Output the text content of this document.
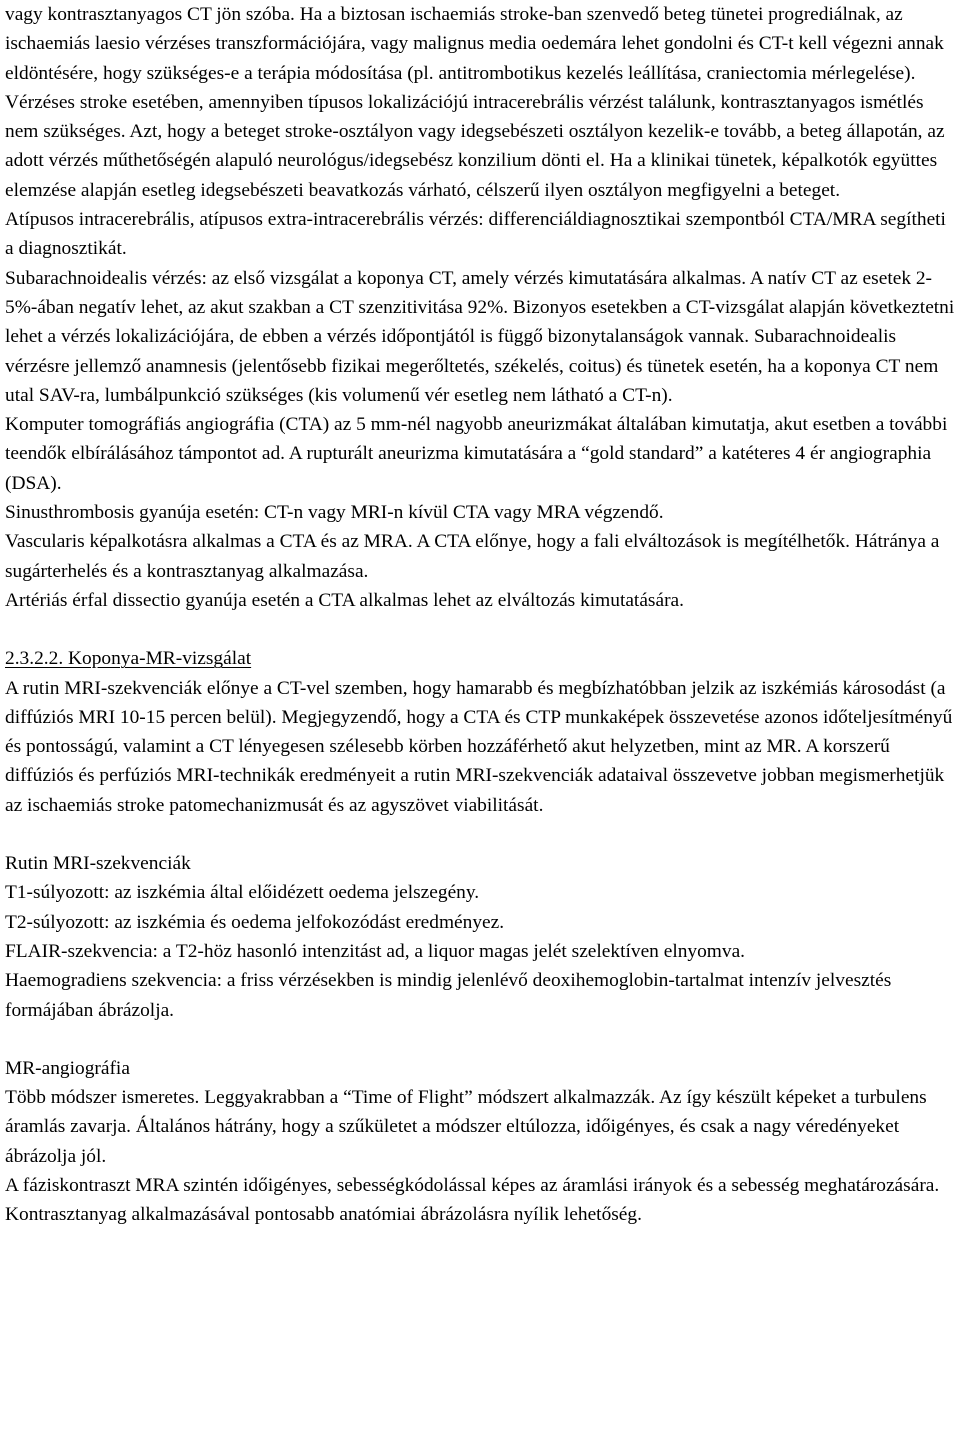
vagy kontrasztanyagos CT jön szóba. Ha a biztosan ischaemiás stroke-ban szenvedő beteg tünetei progrediálnak, az ischaemiás laesio vérzéses transzformációjára, vagy malignus media oedemára lehet gondolni és CT-t kell végezni annak eldöntésére, hogy szükséges-e a terápia módosítása (pl. antitrombotikus kezelés leállítása, craniectomia mérlegelése).

Vérzéses stroke esetében, amennyiben típusos lokalizációjú intracerebrális vérzést találunk, kontrasztanyagos ismétlés nem szükséges. Azt, hogy a beteget stroke-osztályon vagy idegsebészeti osztályon kezelik-e tovább, a beteg állapotán, az adott vérzés műthetőségén alapuló neurológus/idegsebész konzilium dönti el. Ha a klinikai tünetek, képalkotók együttes elemzése alapján esetleg idegsebészeti beavatkozás várható, célszerű ilyen osztályon megfigyelni a beteget.

Atípusos intracerebrális, atípusos extra-intracerebrális vérzés: differenciáldiagnosztikai szempontból CTA/MRA segítheti a diagnosztikát.

Subarachnoidealis vérzés: az első vizsgálat a koponya CT, amely vérzés kimutatására alkalmas. A natív CT az esetek 2-5%-ában negatív lehet, az akut szakban a CT szenzitivitása 92%. Bizonyos esetekben a CT-vizsgálat alapján következtetni lehet a vérzés lokalizációjára, de ebben a vérzés időpontjától is függő bizonytalanságok vannak. Subarachnoidealis vérzésre jellemző anamnesis (jelentősebb fizikai megerőltetés, székelés, coitus) és tünetek esetén, ha a koponya CT nem utal SAV-ra, lumbálpunkció szükséges (kis volumenű vér esetleg nem látható a CT-n).

Komputer tomográfiás angiográfia (CTA) az 5 mm-nél nagyobb aneurizmákat általában kimutatja, akut esetben a további teendők elbírálásához támpontot ad. A rupturált aneurizma kimutatására a “gold standard” a katéteres 4 ér angiographia (DSA).

Sinusthrombosis gyanúja esetén: CT-n vagy MRI-n kívül CTA vagy MRA végzendő.

Vascularis képalkotásra alkalmas a CTA és az MRA. A CTA előnye, hogy a fali elváltozások is megítélhetők. Hátránya a sugárterhelés és a kontrasztanyag alkalmazása.

Artériás érfal dissectio gyanúja esetén a CTA alkalmas lehet az elváltozás kimutatására.

2.3.2.2. Koponya-MR-vizsgálat

A rutin MRI-szekvenciák előnye a CT-vel szemben, hogy hamarabb és megbízhatóbban jelzik az iszkémiás károsodást (a diffúziós MRI 10-15 percen belül). Megjegyzendő, hogy a CTA és CTP munkaképek összevetése azonos időteljesítményű és pontosságú, valamint a CT lényegesen szélesebb körben hozzáférhető akut helyzetben, mint az MR. A korszerű diffúziós és perfúziós MRI-technikák eredményeit a rutin MRI-szekvenciák adataival összevetve jobban megismerhetjük az ischaemiás stroke patomechanizmusát és az agyszövet viabilitását.

Rutin MRI-szekvenciák

T1-súlyozott: az iszkémia által előidézett oedema jelszegény.

T2-súlyozott: az iszkémia és oedema jelfokozódást eredményez.

FLAIR-szekvencia: a T2-höz hasonló intenzitást ad, a liquor magas jelét szelektíven elnyomva.

Haemogradiens szekvencia: a friss vérzésekben is mindig jelenlévő deoxihemoglobin-tartalmat intenzív jelvesztés formájában ábrázolja.

MR-angiográfia

Több módszer ismeretes. Leggyakrabban a “Time of Flight” módszert alkalmazzák. Az így készült képeket a turbulens áramlás zavarja. Általános hátrány, hogy a szűkületet a módszer eltúlozza, időigényes, és csak a nagy véredényeket ábrázolja jól.

A fáziskontraszt MRA szintén időigényes, sebességkódolással képes az áramlási irányok és a sebesség meghatározására. Kontrasztanyag alkalmazásával pontosabb anatómiai ábrázolásra nyílik lehetőség.
